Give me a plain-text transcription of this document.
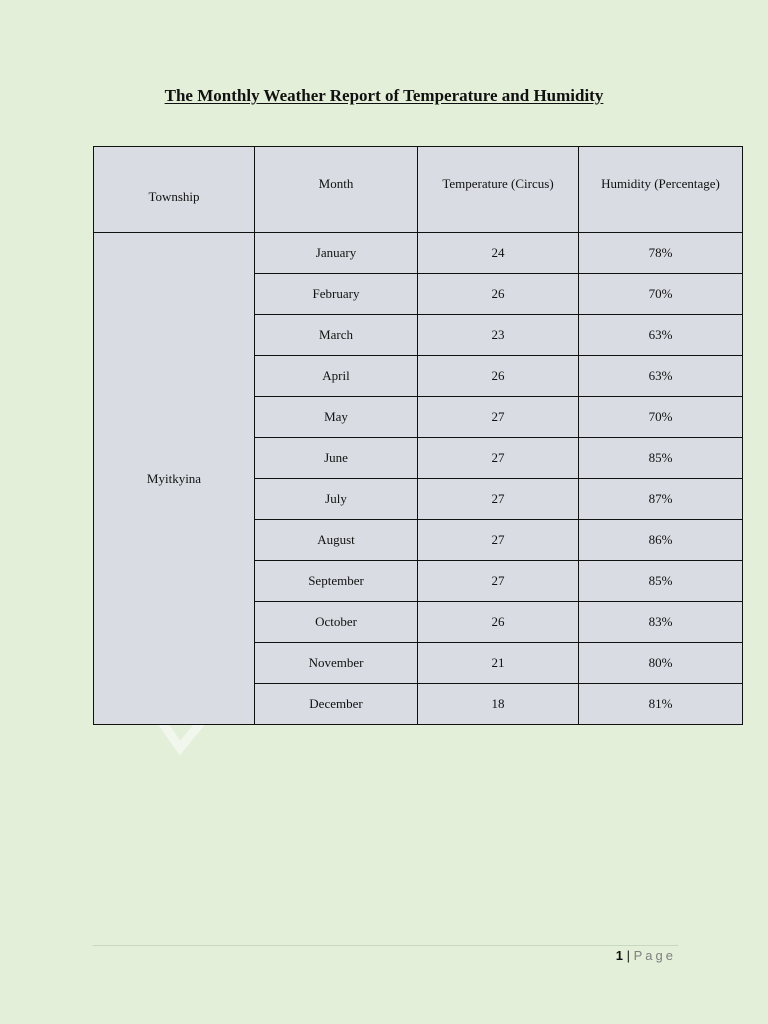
The Monthly Weather Report of Temperature and Humidity
Township	Month	Temperature (Circus)	Humidity (Percentage)
Myitkyina	January	24	78%
	February	26	70%
	March	23	63%
	April	26	63%
	May	27	70%
	June	27	85%
	July	27	87%
	August	27	86%
	September	27	85%
	October	26	83%
	November	21	80%
	December	18	81%
1 | Page
